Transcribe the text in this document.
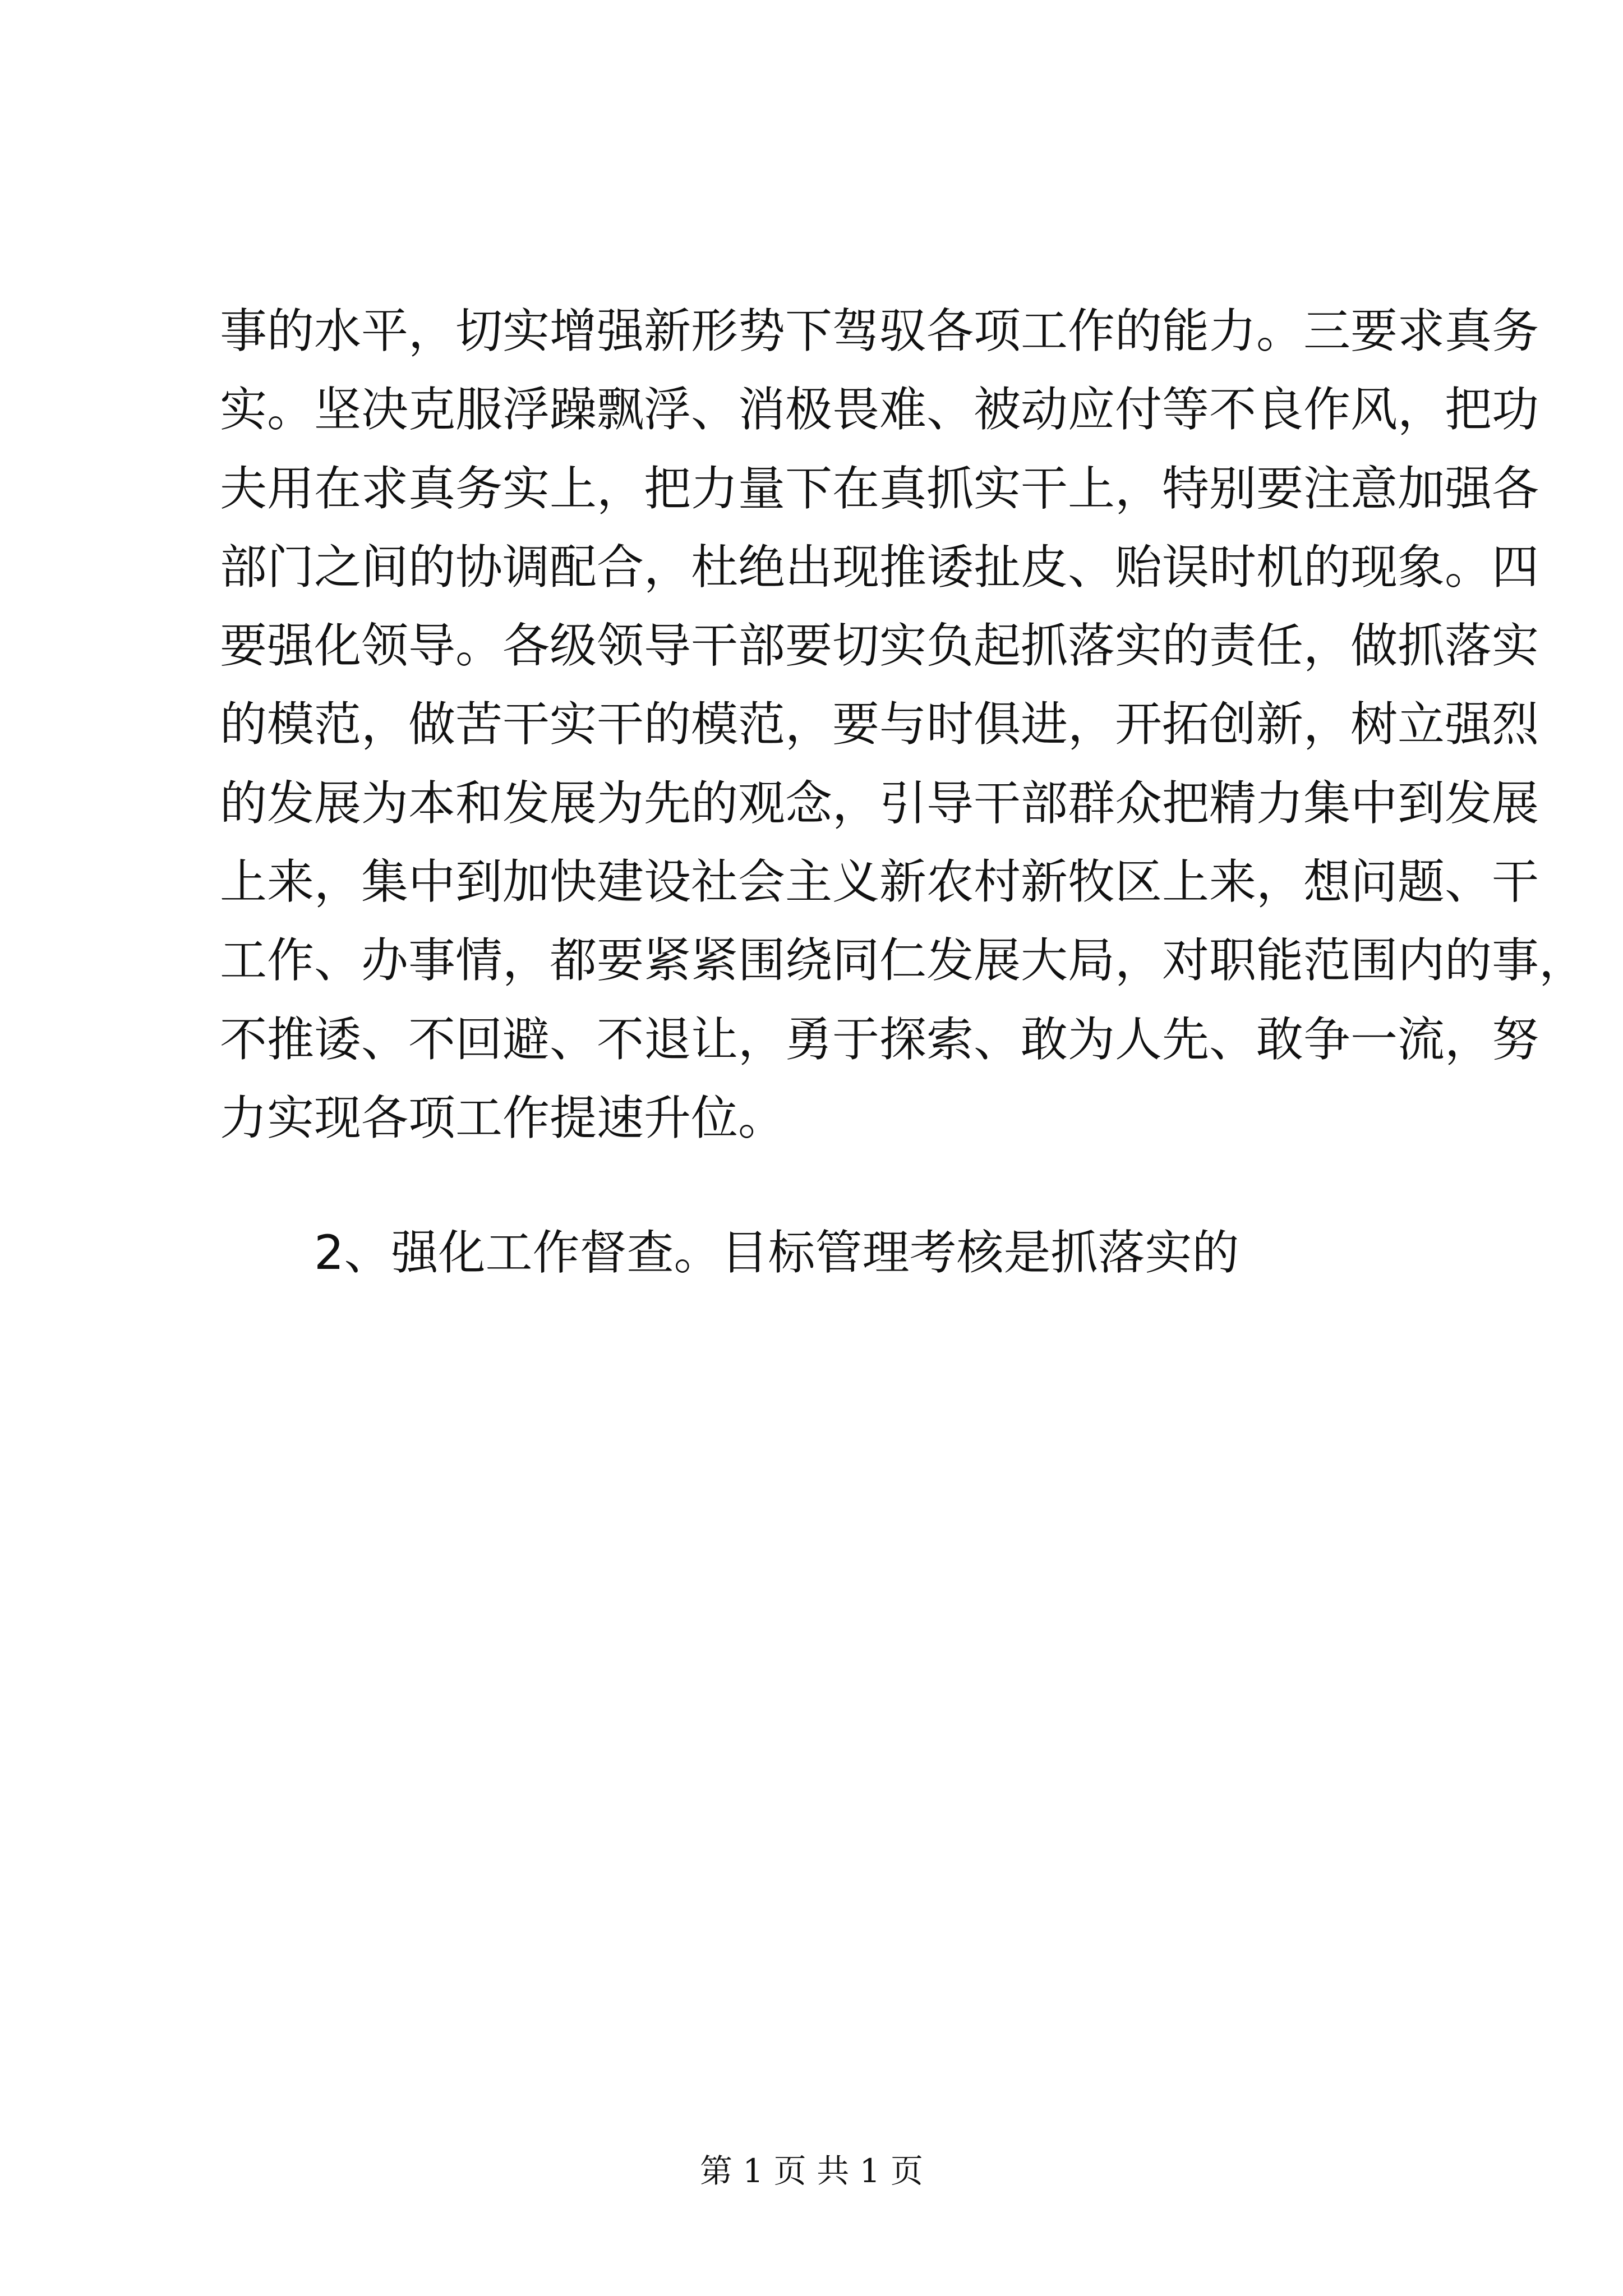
事的水平，切实增强新形势下驾驭各项工作的能力。三要求真务
实。坚决克服浮躁飘浮、消极畏难、被动应付等不良作风，把功
夫用在求真务实上，把力量下在真抓实干上，特别要注意加强各
部门之间的协调配合，杜绝出现推诿扯皮、贻误时机的现象。四
要强化领导。各级领导干部要切实负起抓落实的责任，做抓落实
的模范，做苦干实干的模范，要与时俱进，开拓创新，树立强烈
的发展为本和发展为先的观念，引导干部群众把精力集中到发展
上来，集中到加快建设社会主义新农村新牧区上来，想问题、干
工作、办事情，都要紧紧围绕同仁发展大局，对职能范围内的事，
不推诿、不回避、不退让，勇于探索、敢为人先、敢争一流，努
力实现各项工作提速升位。
2、强化工作督查。目标管理考核是抓落实的
第 1 页 共 1 页
